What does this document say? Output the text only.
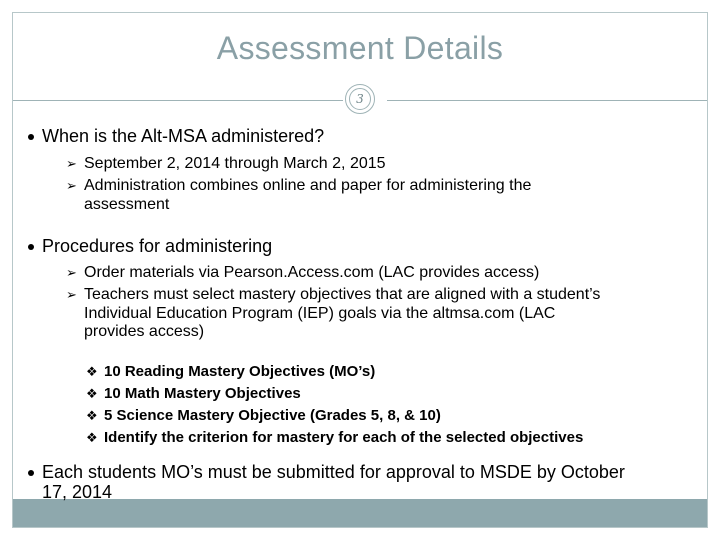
Assessment Details
3
When is the Alt-MSA administered?
➢ September 2, 2014 through March 2, 2015
➢ Administration combines online and paper for administering the
assessment
Procedures for administering
➢ Order materials via Pearson.Access.com (LAC provides access)
➢ Teachers must select mastery objectives that are aligned with a student’s
Individual Education Program (IEP) goals via the altmsa.com (LAC
provides access)
❖ 10 Reading Mastery Objectives (MO’s)
❖ 10 Math Mastery Objectives
❖ 5 Science Mastery Objective (Grades 5, 8, & 10)
❖ Identify the criterion for mastery for each of the selected objectives
Each students MO’s must be submitted for approval to MSDE by October
17, 2014
